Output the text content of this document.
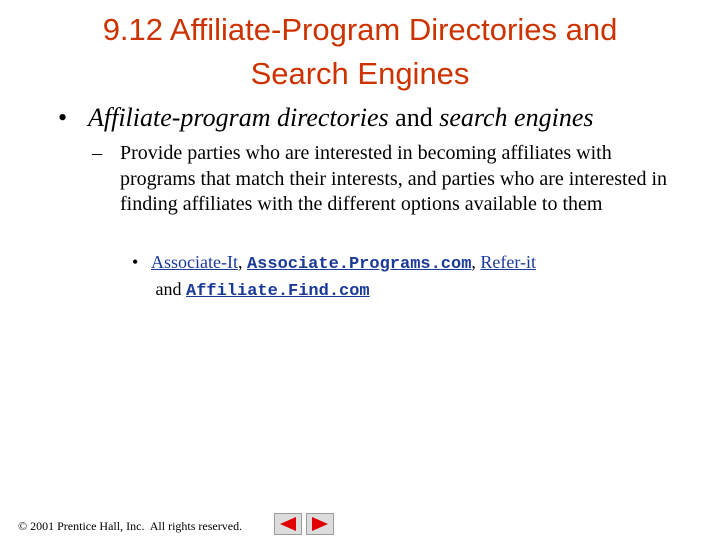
9.12 Affiliate-Program Directories and
Search Engines
• Affiliate-program directories and search engines
– Provide parties who are interested in becoming affiliates with programs that match their interests, and parties who are interested in finding affiliates with the different options available to them
• Associate-It, Associate.Programs.com, Refer-it and Affiliate.Find.com
© 2001 Prentice Hall, Inc.  All rights reserved.
